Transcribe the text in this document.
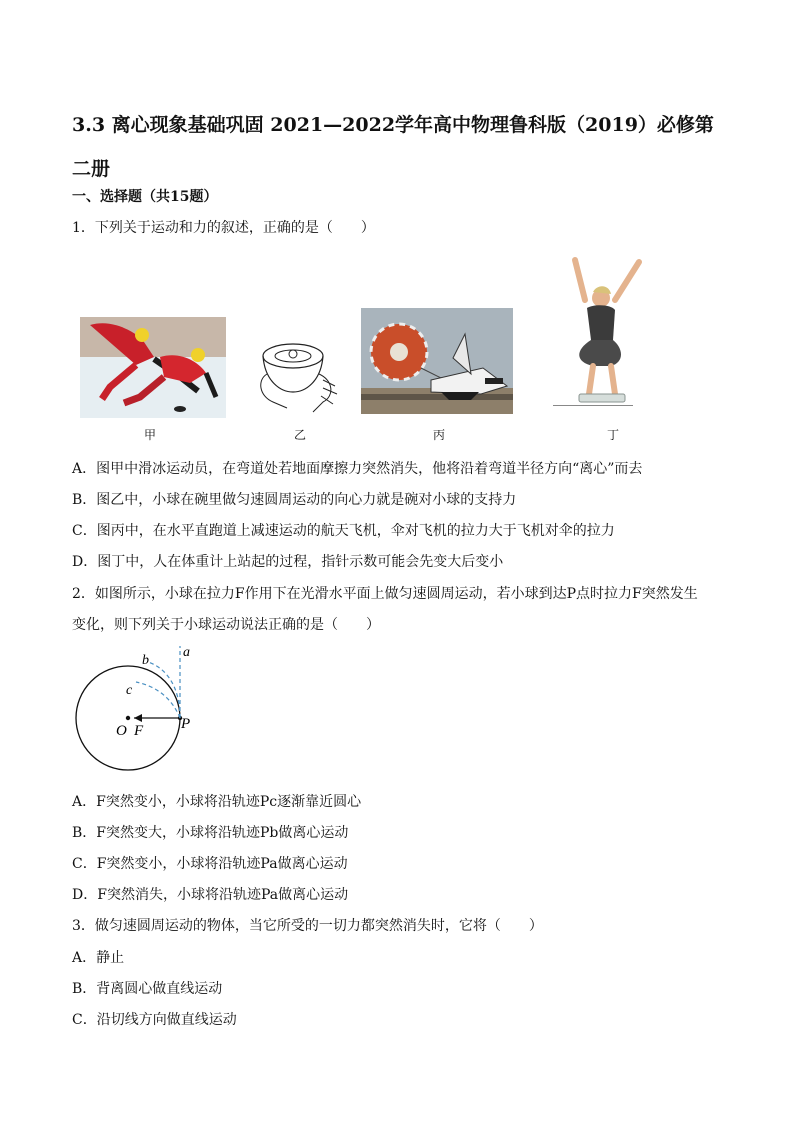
3.3 离心现象基础巩固 2021—2022学年高中物理鲁科版（2019）必修第二册
一、选择题（共15题）
1．下列关于运动和力的叙述，正确的是（　　）
甲	乙	丙	丁
A．图甲中滑冰运动员，在弯道处若地面摩擦力突然消失，他将沿着弯道半径方向“离心”而去
B．图乙中，小球在碗里做匀速圆周运动的向心力就是碗对小球的支持力
C．图丙中，在水平直跑道上减速运动的航天飞机，伞对飞机的拉力大于飞机对伞的拉力
D．图丁中，人在体重计上站起的过程，指针示数可能会先变大后变小
2．如图所示，小球在拉力F作用下在光滑水平面上做匀速圆周运动，若小球到达P点时拉力F突然发生
变化，则下列关于小球运动说法正确的是（　　）
a
b
c
O F	P
A．F突然变小，小球将沿轨迹Pc逐渐靠近圆心
B．F突然变大，小球将沿轨迹Pb做离心运动
C．F突然变小，小球将沿轨迹Pa做离心运动
D．F突然消失，小球将沿轨迹Pa做离心运动
3．做匀速圆周运动的物体，当它所受的一切力都突然消失时，它将（　　）
A．静止
B．背离圆心做直线运动
C．沿切线方向做直线运动
